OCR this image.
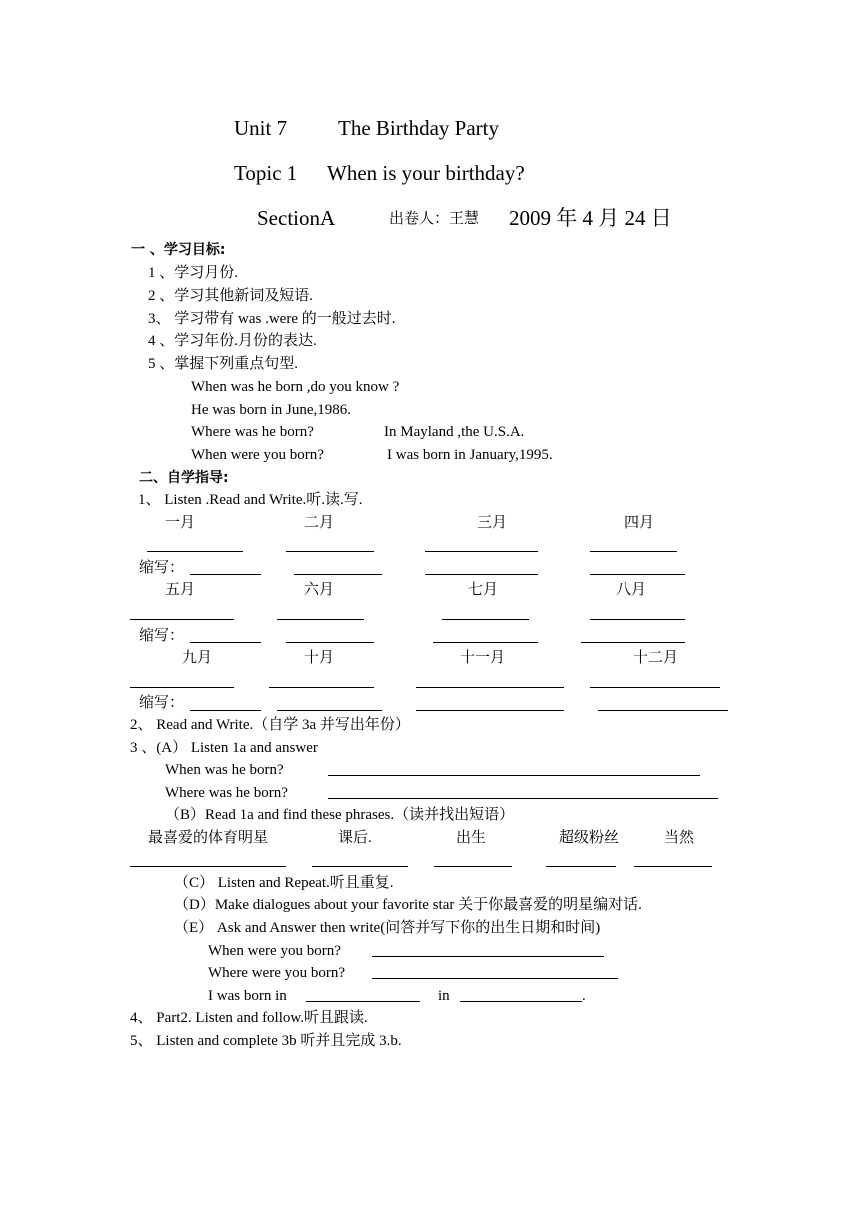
Unit 7 The Birthday Party
Topic 1 When is your birthday?
SectionA	出卷人：王慧 2009 年 4 月 24 日
一 、学习目标:
1 、学习月份.
2 、学习其他新词及短语.
3、 学习带有 was .were 的一般过去时.
4 、学习年份.月份的表达.
5 、掌握下列重点句型.
When was he born ,do you know ?
He was born in June,1986.
Where was he born?	In Mayland ,the U.S.A.
When were you born?	I was born in January,1995.
二、自学指导:
1、 Listen .Read and Write.听.读.写.
一月	二月	三月	四月
缩写：
五月	六月	七月	八月
缩写：
九月	十月	十一月	十二月
缩写：
2、 Read and Write.（自学 3a 并写出年份）
3 、(A） Listen 1a and answer
When was he born?
Where was he born?
（B）Read 1a and find these phrases.（读并找出短语）
最喜爱的体育明星	课后.	出生	超级粉丝	当然
（C） Listen and Repeat.听且重复.
（D）Make dialogues about your favorite star 关于你最喜爱的明星编对话.
（E） Ask and Answer then write(问答并写下你的出生日期和时间)
When were you born?
Where were you born?
I was born in	in	.
4、 Part2. Listen and follow.听且跟读.
5、 Listen and complete 3b 听并且完成 3.b.
